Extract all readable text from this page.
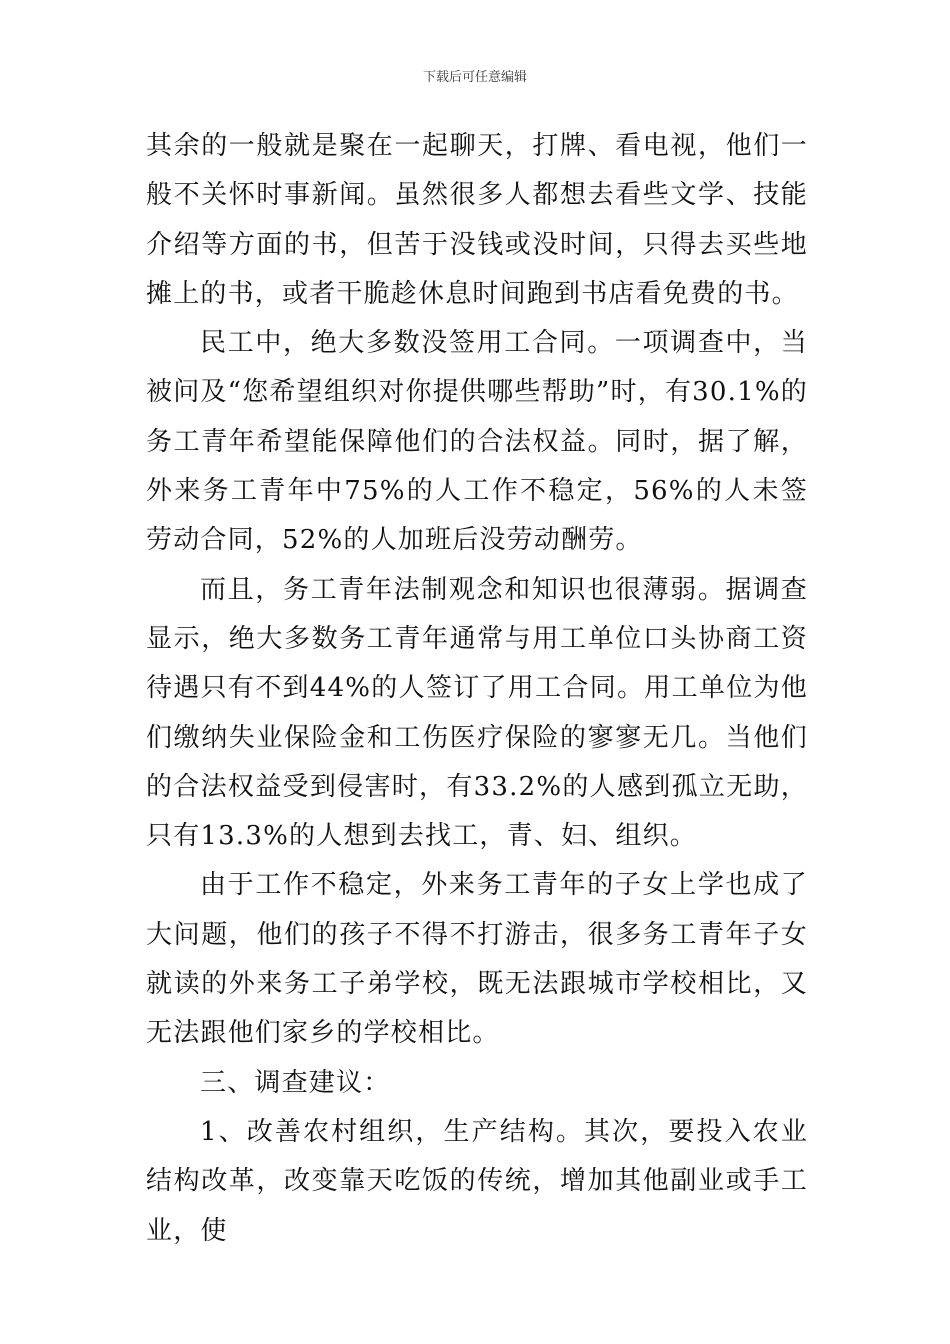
下载后可任意编辑

其余的一般就是聚在一起聊天，打牌、看电视，他们一般不关怀时事新闻。虽然很多人都想去看些文学、技能介绍等方面的书，但苦于没钱或没时间，只得去买些地摊上的书，或者干脆趁休息时间跑到书店看免费的书。

民工中，绝大多数没签用工合同。一项调查中，当被问及“您希望组织对你提供哪些帮助”时，有30.1%的务工青年希望能保障他们的合法权益。同时，据了解，外来务工青年中75%的人工作不稳定，56%的人未签劳动合同，52%的人加班后没劳动酬劳。

而且，务工青年法制观念和知识也很薄弱。据调查显示，绝大多数务工青年通常与用工单位口头协商工资待遇只有不到44%的人签订了用工合同。用工单位为他们缴纳失业保险金和工伤医疗保险的寥寥无几。当他们的合法权益受到侵害时，有33.2%的人感到孤立无助，只有13.3%的人想到去找工，青、妇、组织。

由于工作不稳定，外来务工青年的子女上学也成了大问题，他们的孩子不得不打游击，很多务工青年子女就读的外来务工子弟学校，既无法跟城市学校相比，又无法跟他们家乡的学校相比。

三、调查建议：

1、改善农村组织，生产结构。其次，要投入农业结构改革，改变靠天吃饭的传统，增加其他副业或手工业，使
